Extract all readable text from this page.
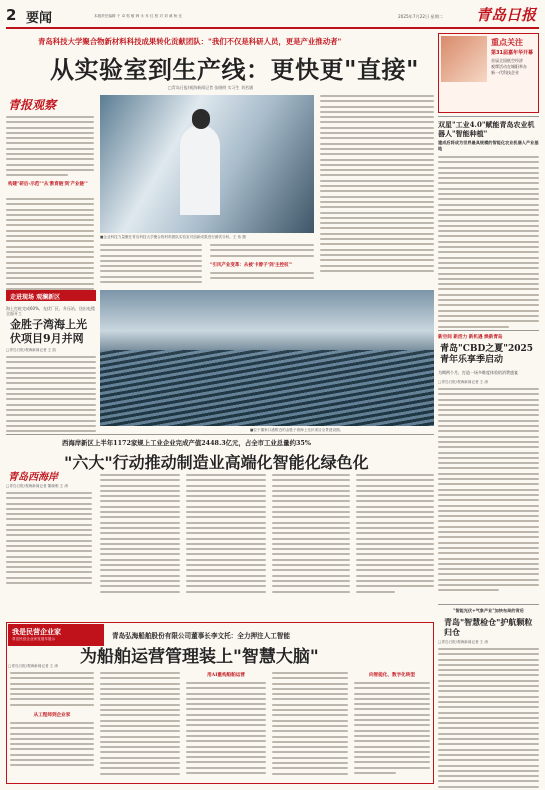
2 要闻	本版责任编辑 于 卓 郭 敏 韩 永 乔 红 校 对 刘 诚 杨 光	2025年7月22日 星期二 青岛日报
重点关注
第31届嘉年华开幕
首届全国低空经济
观摩活动在城阳举办
新一代科技企业
青岛科技大学聚合物新材料科技成果转化贡献团队："我们不仅是科研人员，更是产业推动者"
从实验室到生产线：更快更"直接"
□青岛日报/观海新闻记者 张晓明 实习生 刘若涵
青报观察
构建"研后-示范""从'教育链'到'产业链'"
■企业科技力量聚在青岛科技大学聚合物材料团队实验室对创新成果进行测试分析。王 伟 摄
"引风产业变革：从被'卡脖子'到'主控权'"
双星"工业4.0"赋能青岛农业机器人"智能种植"
建成后将成为世界最具规模的智能化农业机器人产业基地
走进现场 观澜新区
海上打桩完成60%，光伏厂区、升压站、送出电缆全面开工
金胜子湾海上光伏项目9月并网
□青岛日报/观海新闻记者 王 凯
■位于董家口港附近的金胜子湾海上光伏项目全景建设图。
西海岸新区上半年1172家规上工业企业完成产值2448.3亿元，占全市工业总量约35%
"六大"行动推动制造业高端化智能化绿色化
青岛西海岸
□青岛日报/观海新闻记者 董晓明 王 涛
新空间 新活力 新机遇 焕新青岛
青岛"CBD之夏"2025青年乐享季启动
为期两个月，打造一场多维度体验的消费盛宴
□青岛日报/观海新闻记者 王 涛
"智能光伏+气象产业"加快布局的背后
青岛"智慧检仓"护航颗粒归仓
□青岛日报/观海新闻记者 王 涛
我是民营企业家
青岛民营企业家发展年展示	青岛弘海船舶股份有限公司董事长李文托：全力押注人工智能
为船舶运营管理装上"智慧大脑"
□青岛日报/观海新闻记者 王 涛
从工程师到企业家
用AI重构船舶运营	向智能化、数字化转型
